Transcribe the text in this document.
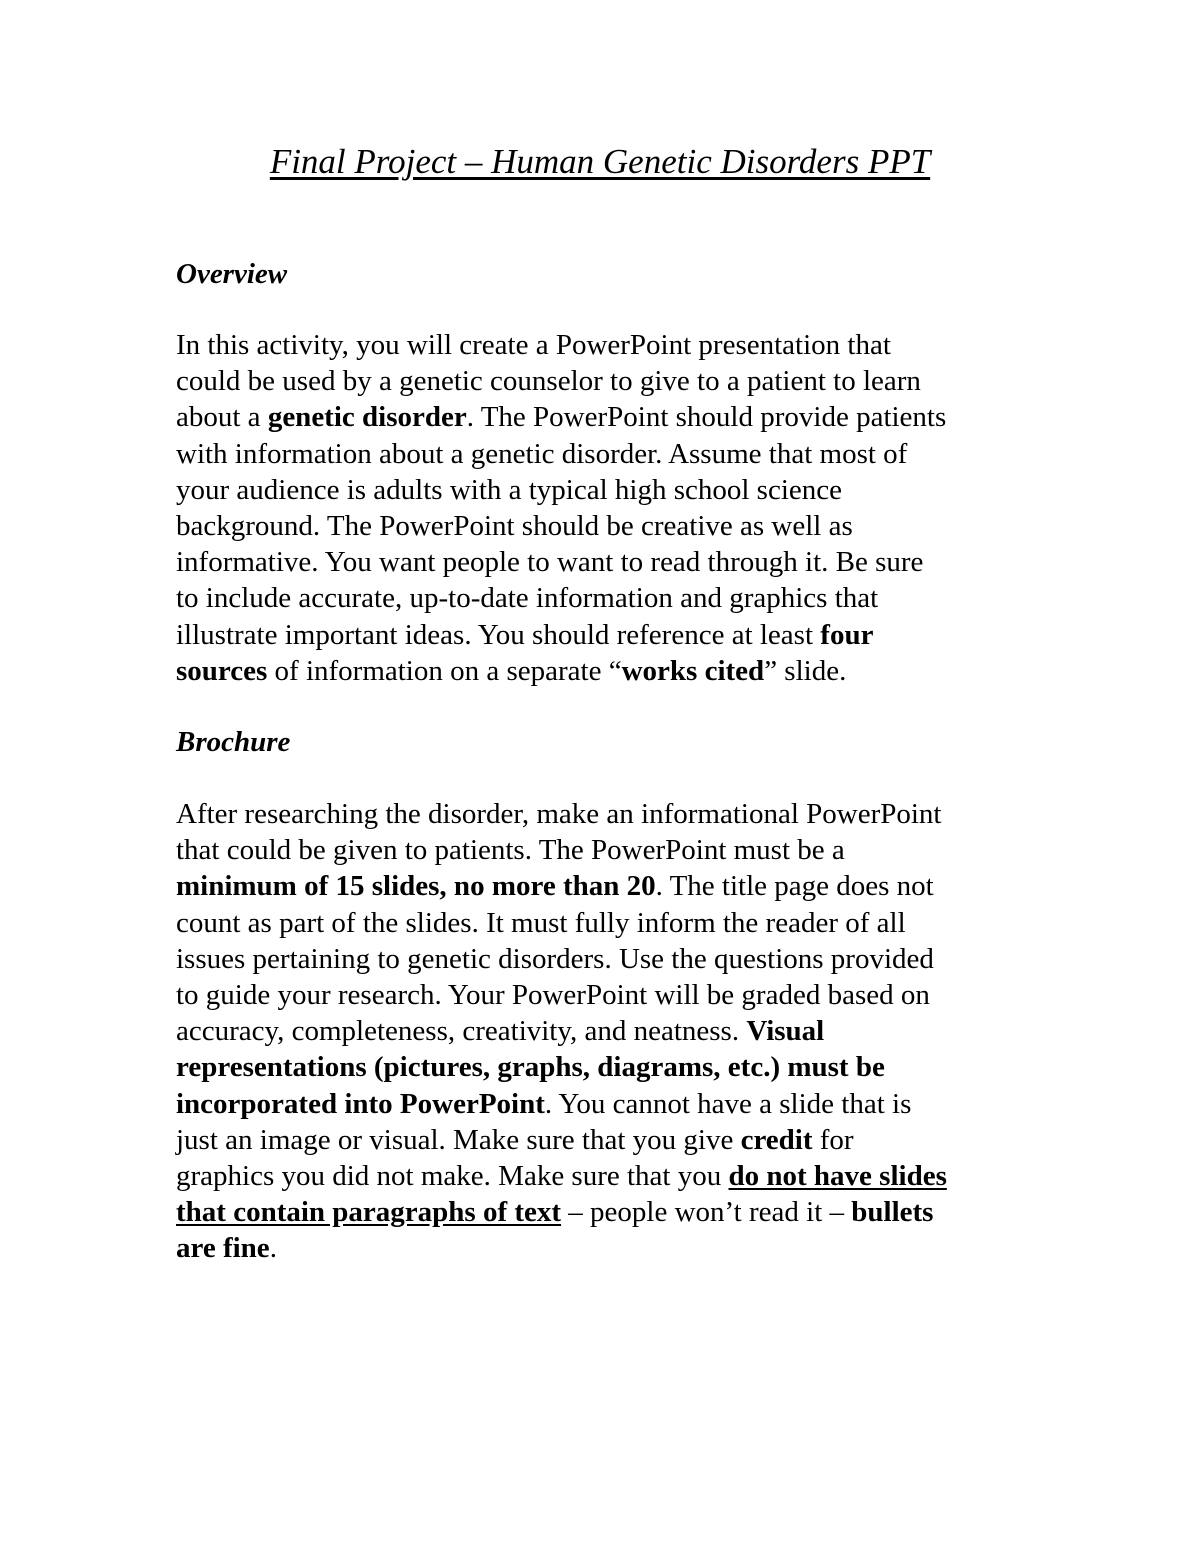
Final Project – Human Genetic Disorders PPT
Overview
In this activity, you will create a PowerPoint presentation that
could be used by a genetic counselor to give to a patient to learn
about a genetic disorder. The PowerPoint should provide patients
with information about a genetic disorder. Assume that most of
your audience is adults with a typical high school science
background. The PowerPoint should be creative as well as
informative. You want people to want to read through it. Be sure
to include accurate, up-to-date information and graphics that
illustrate important ideas. You should reference at least four
sources of information on a separate “works cited” slide.
Brochure
After researching the disorder, make an informational PowerPoint
that could be given to patients. The PowerPoint must be a
minimum of 15 slides, no more than 20. The title page does not
count as part of the slides. It must fully inform the reader of all
issues pertaining to genetic disorders. Use the questions provided
to guide your research. Your PowerPoint will be graded based on
accuracy, completeness, creativity, and neatness. Visual
representations (pictures, graphs, diagrams, etc.) must be
incorporated into PowerPoint. You cannot have a slide that is
just an image or visual. Make sure that you give credit for
graphics you did not make. Make sure that you do not have slides
that contain paragraphs of text – people won’t read it – bullets
are fine.
